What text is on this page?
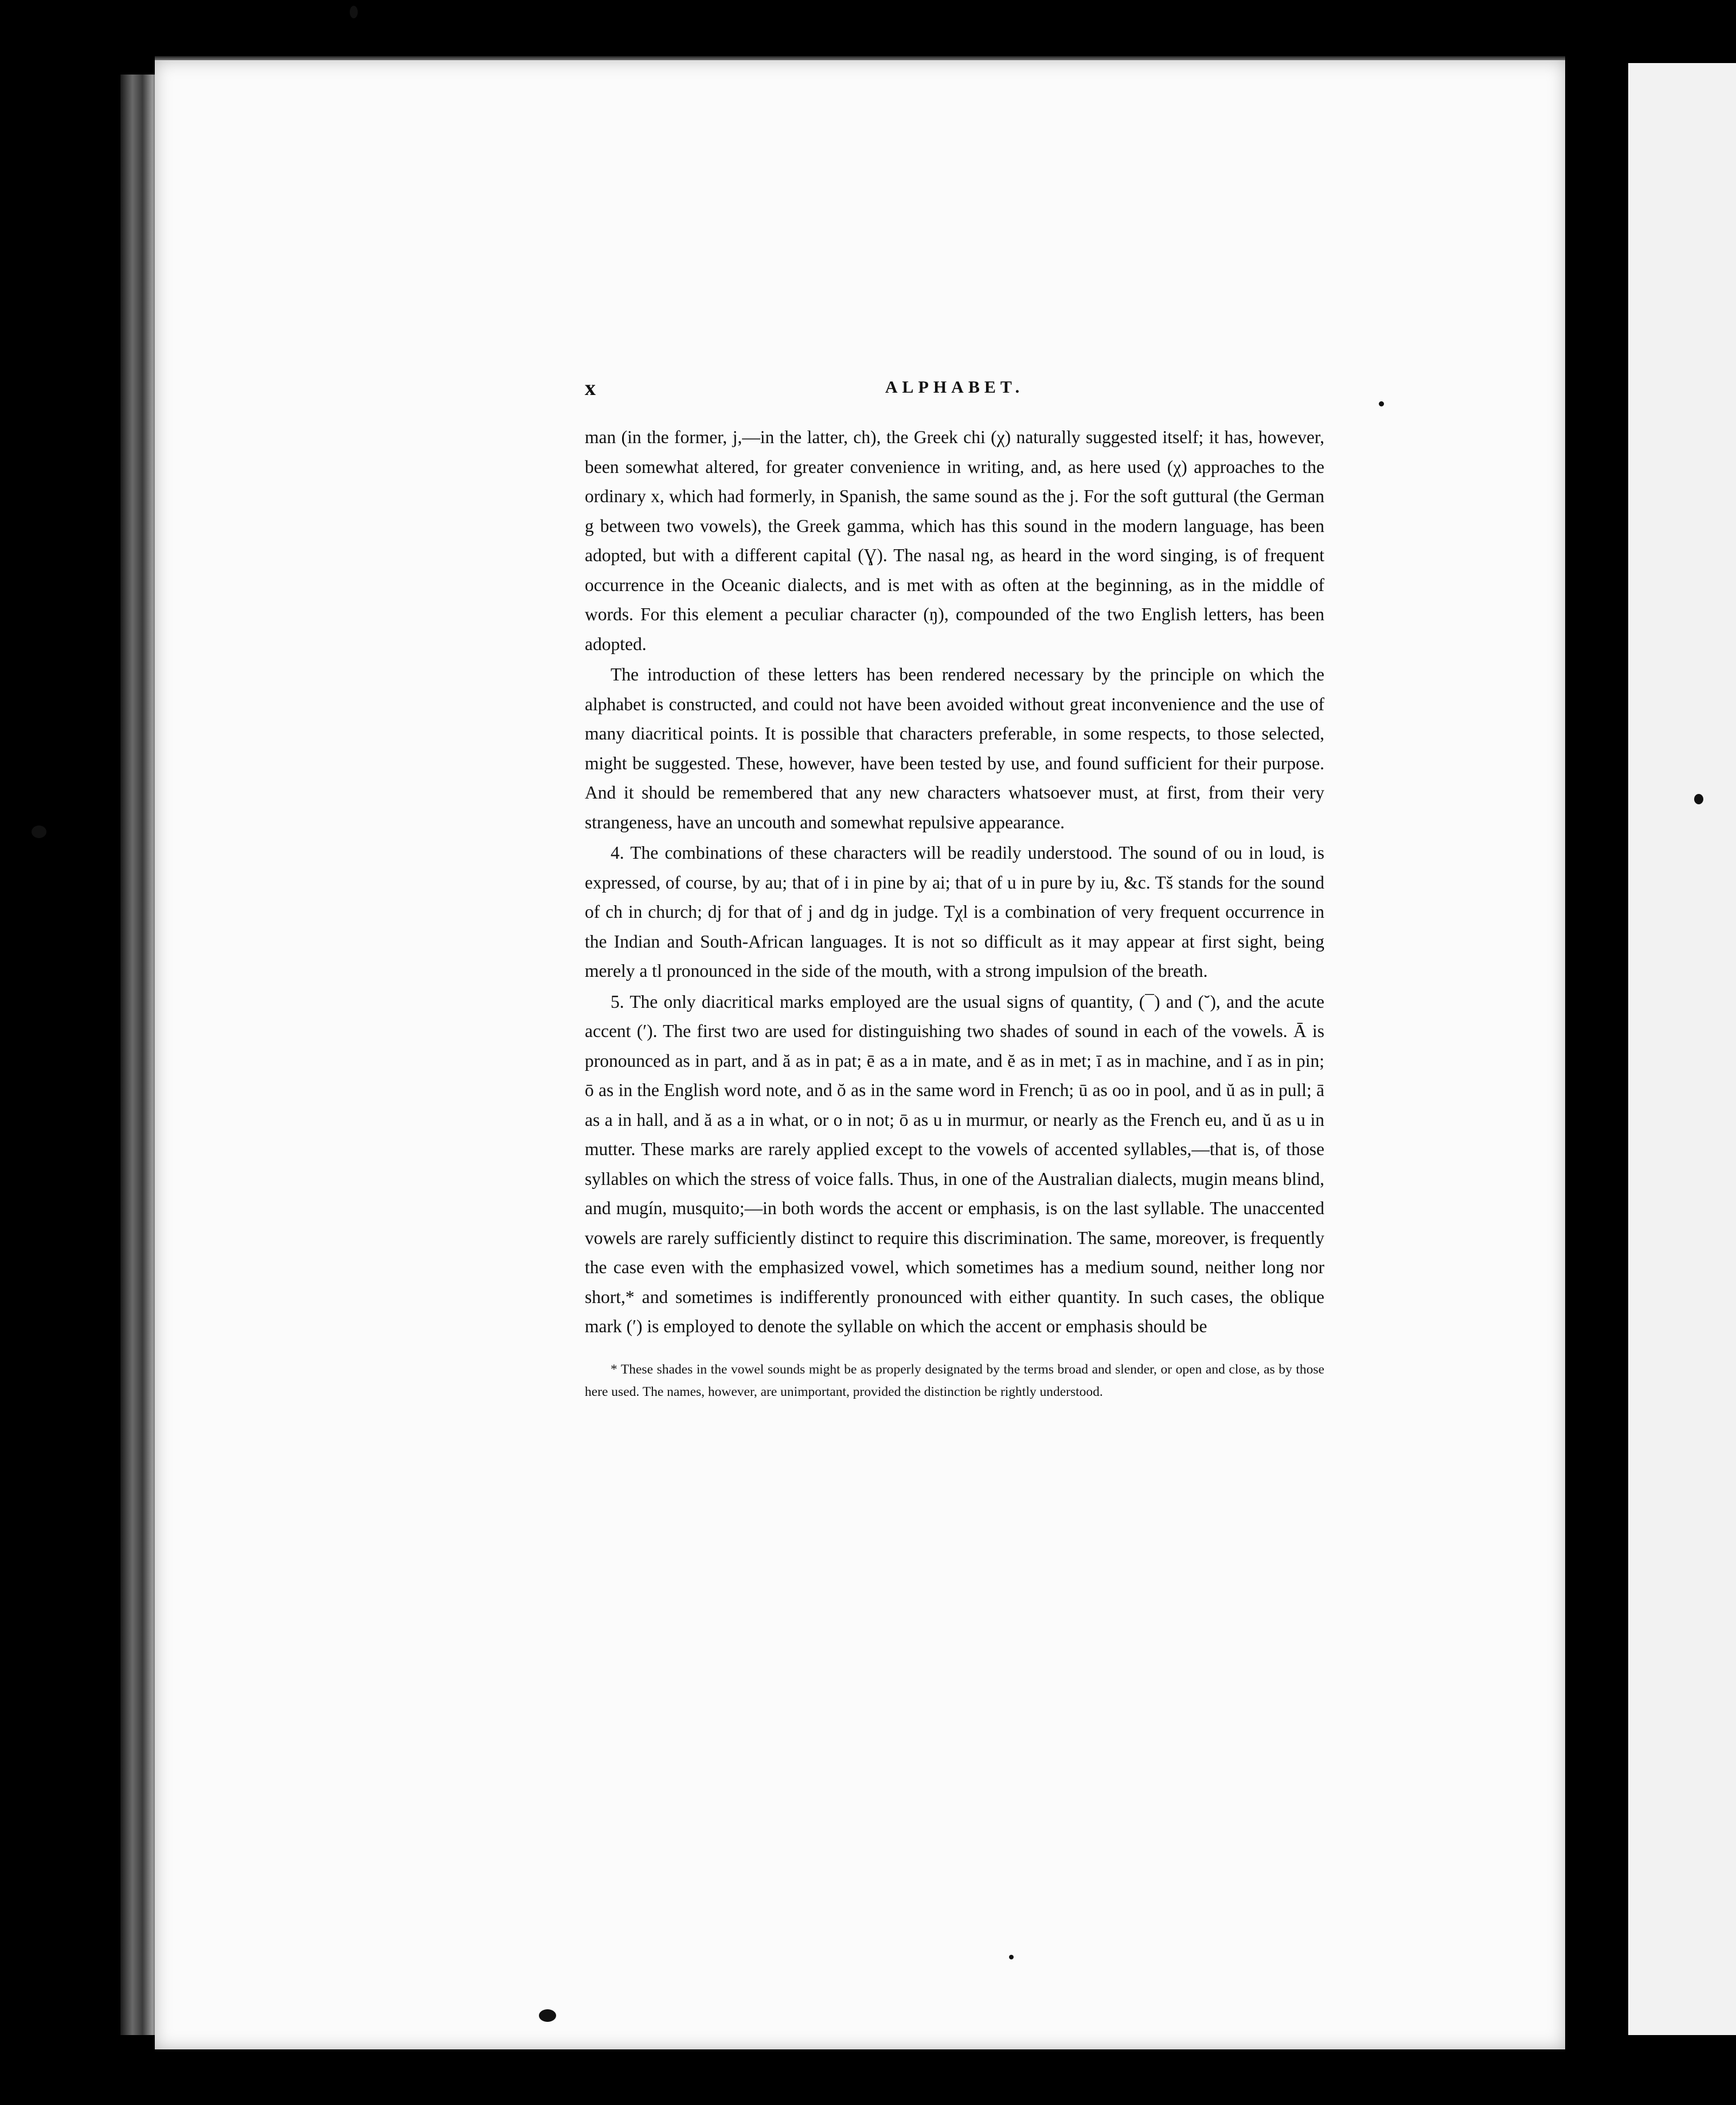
x	ALPHABET.

man (in the former, j,—in the latter, ch), the Greek chi (χ) naturally suggested itself; it has, however, been somewhat altered, for greater convenience in writing, and, as here used (χ) approaches to the ordinary x, which had formerly, in Spanish, the same sound as the j. For the soft guttural (the German g between two vowels), the Greek gamma, which has this sound in the modern language, has been adopted, but with a different capital (Ɣ). The nasal ng, as heard in the word singing, is of frequent occurrence in the Oceanic dialects, and is met with as often at the beginning, as in the middle of words. For this element a peculiar character (ŋ), compounded of the two English letters, has been adopted.

The introduction of these letters has been rendered necessary by the principle on which the alphabet is constructed, and could not have been avoided without great inconvenience and the use of many diacritical points. It is possible that characters preferable, in some respects, to those selected, might be suggested. These, however, have been tested by use, and found sufficient for their purpose. And it should be remembered that any new characters whatsoever must, at first, from their very strangeness, have an uncouth and somewhat repulsive appearance.

4. The combinations of these characters will be readily understood. The sound of ou in loud, is expressed, of course, by au; that of i in pine by ai; that of u in pure by iu, &c. Tš stands for the sound of ch in church; dj for that of j and dg in judge. Tχl is a combination of very frequent occurrence in the Indian and South-African languages. It is not so difficult as it may appear at first sight, being merely a tl pronounced in the side of the mouth, with a strong impulsion of the breath.

5. The only diacritical marks employed are the usual signs of quantity, (¯) and (˘), and the acute accent (′). The first two are used for distinguishing two shades of sound in each of the vowels. Ā is pronounced as in part, and ă as in pat; ē as a in mate, and ĕ as in met; ī as in machine, and ĭ as in pin; ō as in the English word note, and ŏ as in the same word in French; ū as oo in pool, and ŭ as in pull; ā as a in hall, and ă as a in what, or o in not; ō as u in murmur, or nearly as the French eu, and ŭ as u in mutter. These marks are rarely applied except to the vowels of accented syllables,—that is, of those syllables on which the stress of voice falls. Thus, in one of the Australian dialects, mugin means blind, and mugín, musquito;—in both words the accent or emphasis, is on the last syllable. The unaccented vowels are rarely sufficiently distinct to require this discrimination. The same, moreover, is frequently the case even with the emphasized vowel, which sometimes has a medium sound, neither long nor short,* and sometimes is indifferently pronounced with either quantity. In such cases, the oblique mark (′) is employed to denote the syllable on which the accent or emphasis should be

* These shades in the vowel sounds might be as properly designated by the terms broad and slender, or open and close, as by those here used. The names, however, are unimportant, provided the distinction be rightly understood.
